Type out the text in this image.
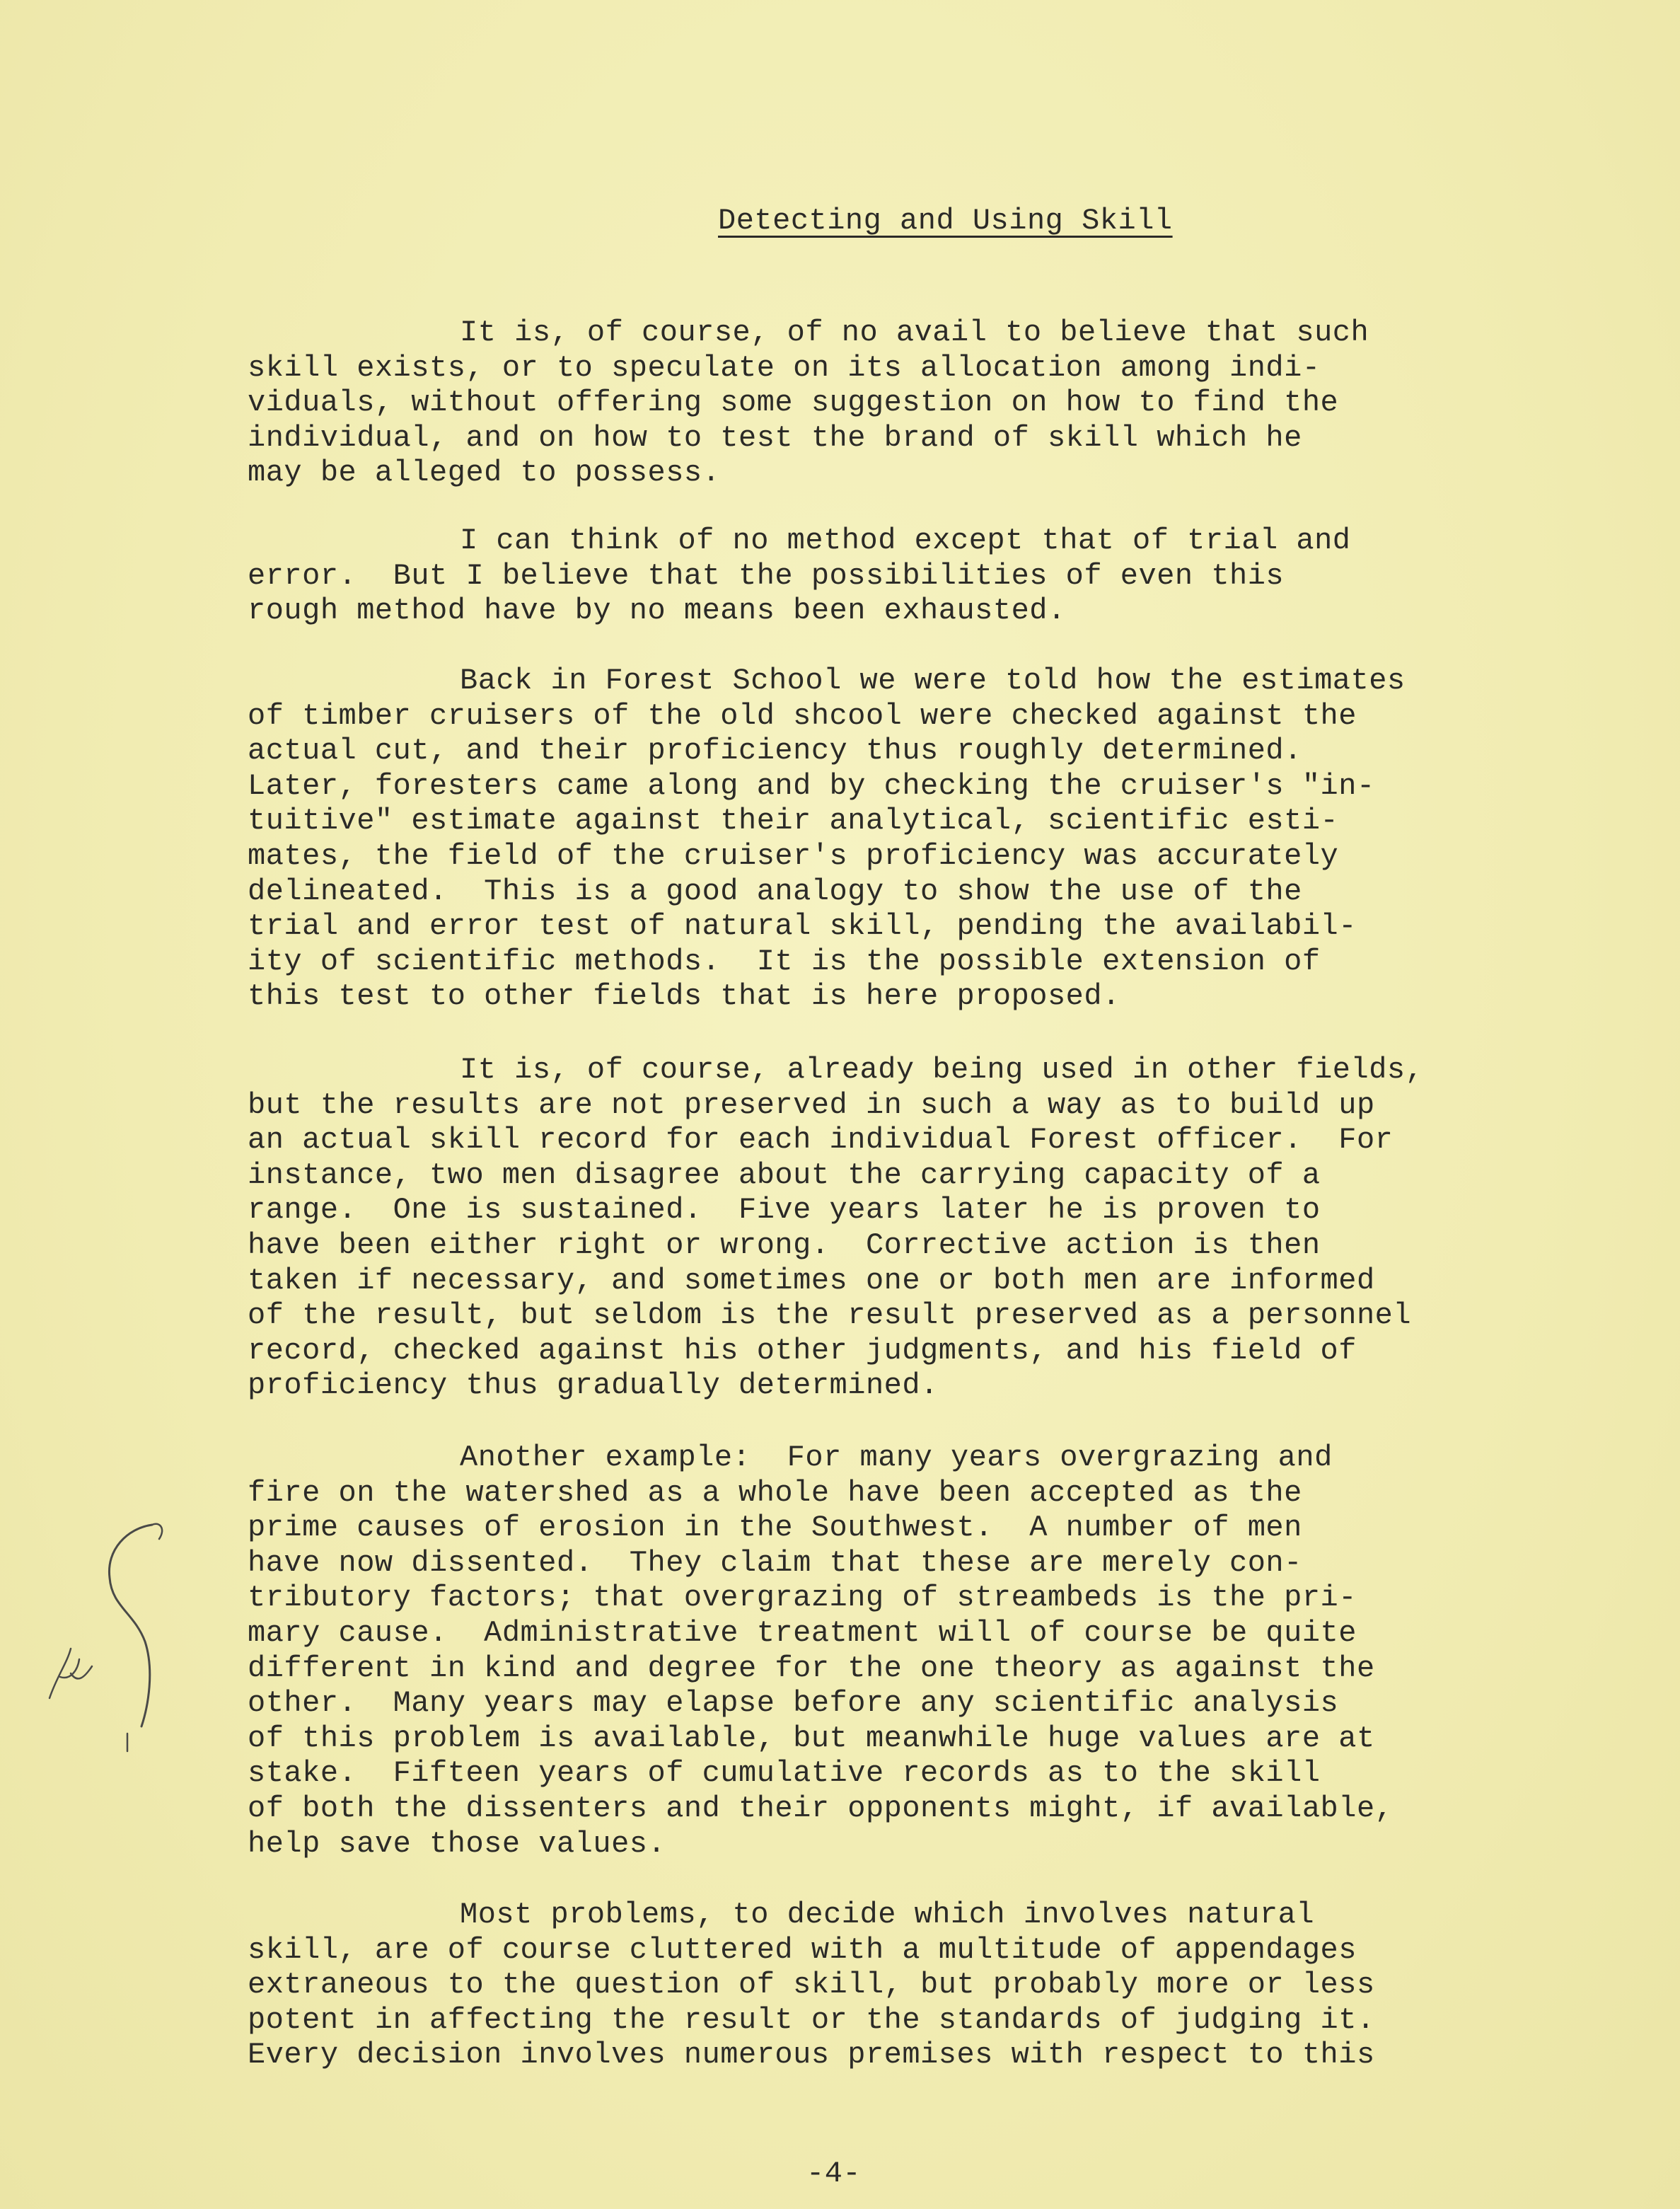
Detecting and Using Skill
It is, of course, of no avail to believe that such
skill exists, or to speculate on its allocation among indi-
viduals, without offering some suggestion on how to find the
individual, and on how to test the brand of skill which he
may be alleged to possess.
I can think of no method except that of trial and
error.  But I believe that the possibilities of even this
rough method have by no means been exhausted.
Back in Forest School we were told how the estimates
of timber cruisers of the old shcool were checked against the
actual cut, and their proficiency thus roughly determined.
Later, foresters came along and by checking the cruiser's "in-
tuitive" estimate against their analytical, scientific esti-
mates, the field of the cruiser's proficiency was accurately
delineated.  This is a good analogy to show the use of the
trial and error test of natural skill, pending the availabil-
ity of scientific methods.  It is the possible extension of
this test to other fields that is here proposed.
It is, of course, already being used in other fields,
but the results are not preserved in such a way as to build up
an actual skill record for each individual Forest officer.  For
instance, two men disagree about the carrying capacity of a
range.  One is sustained.  Five years later he is proven to
have been either right or wrong.  Corrective action is then
taken if necessary, and sometimes one or both men are informed
of the result, but seldom is the result preserved as a personnel
record, checked against his other judgments, and his field of
proficiency thus gradually determined.
Another example:  For many years overgrazing and
fire on the watershed as a whole have been accepted as the
prime causes of erosion in the Southwest.  A number of men
have now dissented.  They claim that these are merely con-
tributory factors; that overgrazing of streambeds is the pri-
mary cause.  Administrative treatment will of course be quite
different in kind and degree for the one theory as against the
other.  Many years may elapse before any scientific analysis
of this problem is available, but meanwhile huge values are at
stake.  Fifteen years of cumulative records as to the skill
of both the dissenters and their opponents might, if available,
help save those values.
Most problems, to decide which involves natural
skill, are of course cluttered with a multitude of appendages
extraneous to the question of skill, but probably more or less
potent in affecting the result or the standards of judging it.
Every decision involves numerous premises with respect to this
-4-
